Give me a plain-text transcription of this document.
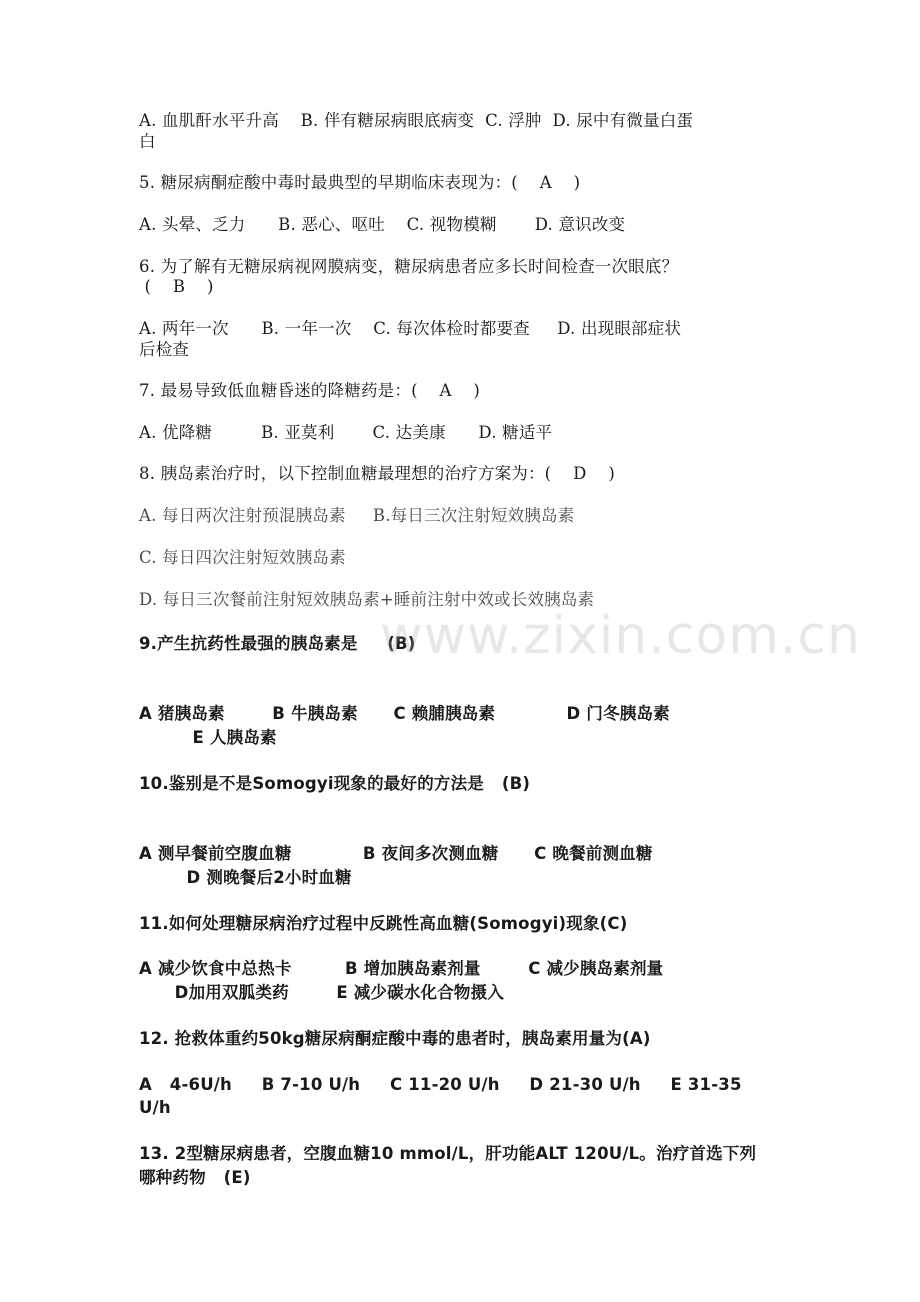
A. 血肌酐水平升高    B. 伴有糖尿病眼底病变  C. 浮肿  D. 尿中有微量白蛋
白
5. 糖尿病酮症酸中毒时最典型的早期临床表现为：(    A    )
A. 头晕、乏力      B. 恶心、呕吐    C. 视物模糊       D. 意识改变
6. 为了解有无糖尿病视网膜病变，糖尿病患者应多长时间检查一次眼底？
(    B    )
A. 两年一次      B. 一年一次    C. 每次体检时都要查     D. 出现眼部症状
后检查
7. 最易导致低血糖昏迷的降糖药是：(    A    )
A. 优降糖         B. 亚莫利       C. 达美康      D. 糖适平
8. 胰岛素治疗时，以下控制血糖最理想的治疗方案为：(    D    )
A. 每日两次注射预混胰岛素     B.每日三次注射短效胰岛素
C. 每日四次注射短效胰岛素
D. 每日三次餐前注射短效胰岛素+睡前注射中效或长效胰岛素
9.产生抗药性最强的胰岛素是     (B)
A 猪胰岛素        B 牛胰岛素      C 赖脯胰岛素            D 门冬胰岛素
E 人胰岛素
10.鉴别是不是Somogyi现象的最好的方法是   (B)
A 测早餐前空腹血糖            B 夜间多次测血糖      C 晚餐前测血糖
D 测晚餐后2小时血糖
11.如何处理糖尿病治疗过程中反跳性高血糖(Somogyi)现象(C)
A 减少饮食中总热卡         B 增加胰岛素剂量        C 减少胰岛素剂量
D加用双胍类药        E 减少碳水化合物摄入
12. 抢救体重约50kg糖尿病酮症酸中毒的患者时，胰岛素用量为(A)
A   4-6U/h     B 7-10 U/h     C 11-20 U/h     D 21-30 U/h     E 31-35
U/h
13. 2型糖尿病患者，空腹血糖10 mmol/L，肝功能ALT 120U/L。治疗首选下列
哪种药物   (E)
www.zixin.com.cn
